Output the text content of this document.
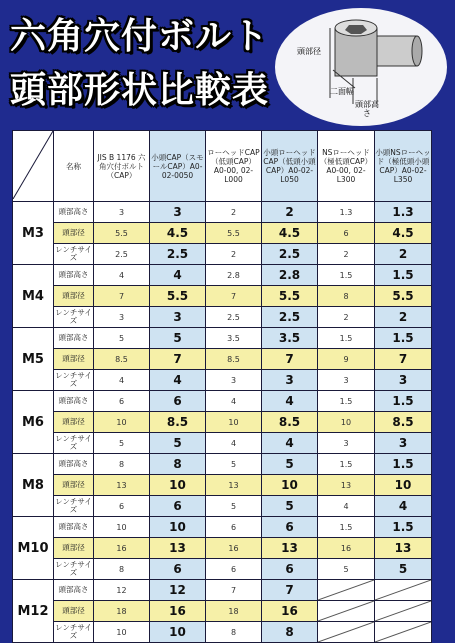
六角穴付ボルト
頭部形状比較表
頭部径
二面幅
頭部高さ
	名称	JIS B 1176 六角穴付ボルト（CAP）	小頭CAP（スモールCAP）A0-02-0050	ローヘッドCAP（低頭CAP）A0-00, 02-L000	小頭ローヘッドCAP（低頭小頭CAP）A0-02-L050	NSローヘッド（極低頭CAP）A0-00, 02-L300	小頭NSローヘッド（極低頭小頭CAP）A0-02-L350
M3	頭部高さ	3	3	2	2	1.3	1.3
	頭部径	5.5	4.5	5.5	4.5	6	4.5
	レンチサイズ	2.5	2.5	2	2.5	2	2
M4	頭部高さ	4	4	2.8	2.8	1.5	1.5
	頭部径	7	5.5	7	5.5	8	5.5
	レンチサイズ	3	3	2.5	2.5	2	2
M5	頭部高さ	5	5	3.5	3.5	1.5	1.5
	頭部径	8.5	7	8.5	7	9	7
	レンチサイズ	4	4	3	3	3	3
M6	頭部高さ	6	6	4	4	1.5	1.5
	頭部径	10	8.5	10	8.5	10	8.5
	レンチサイズ	5	5	4	4	3	3
M8	頭部高さ	8	8	5	5	1.5	1.5
	頭部径	13	10	13	10	13	10
	レンチサイズ	6	6	5	5	4	4
M10	頭部高さ	10	10	6	6	1.5	1.5
	頭部径	16	13	16	13	16	13
	レンチサイズ	8	6	6	6	5	5
M12	頭部高さ	12	12	7	7	

	頭部径	18	16	18	16	

	レンチサイズ	10	10	8	8	
